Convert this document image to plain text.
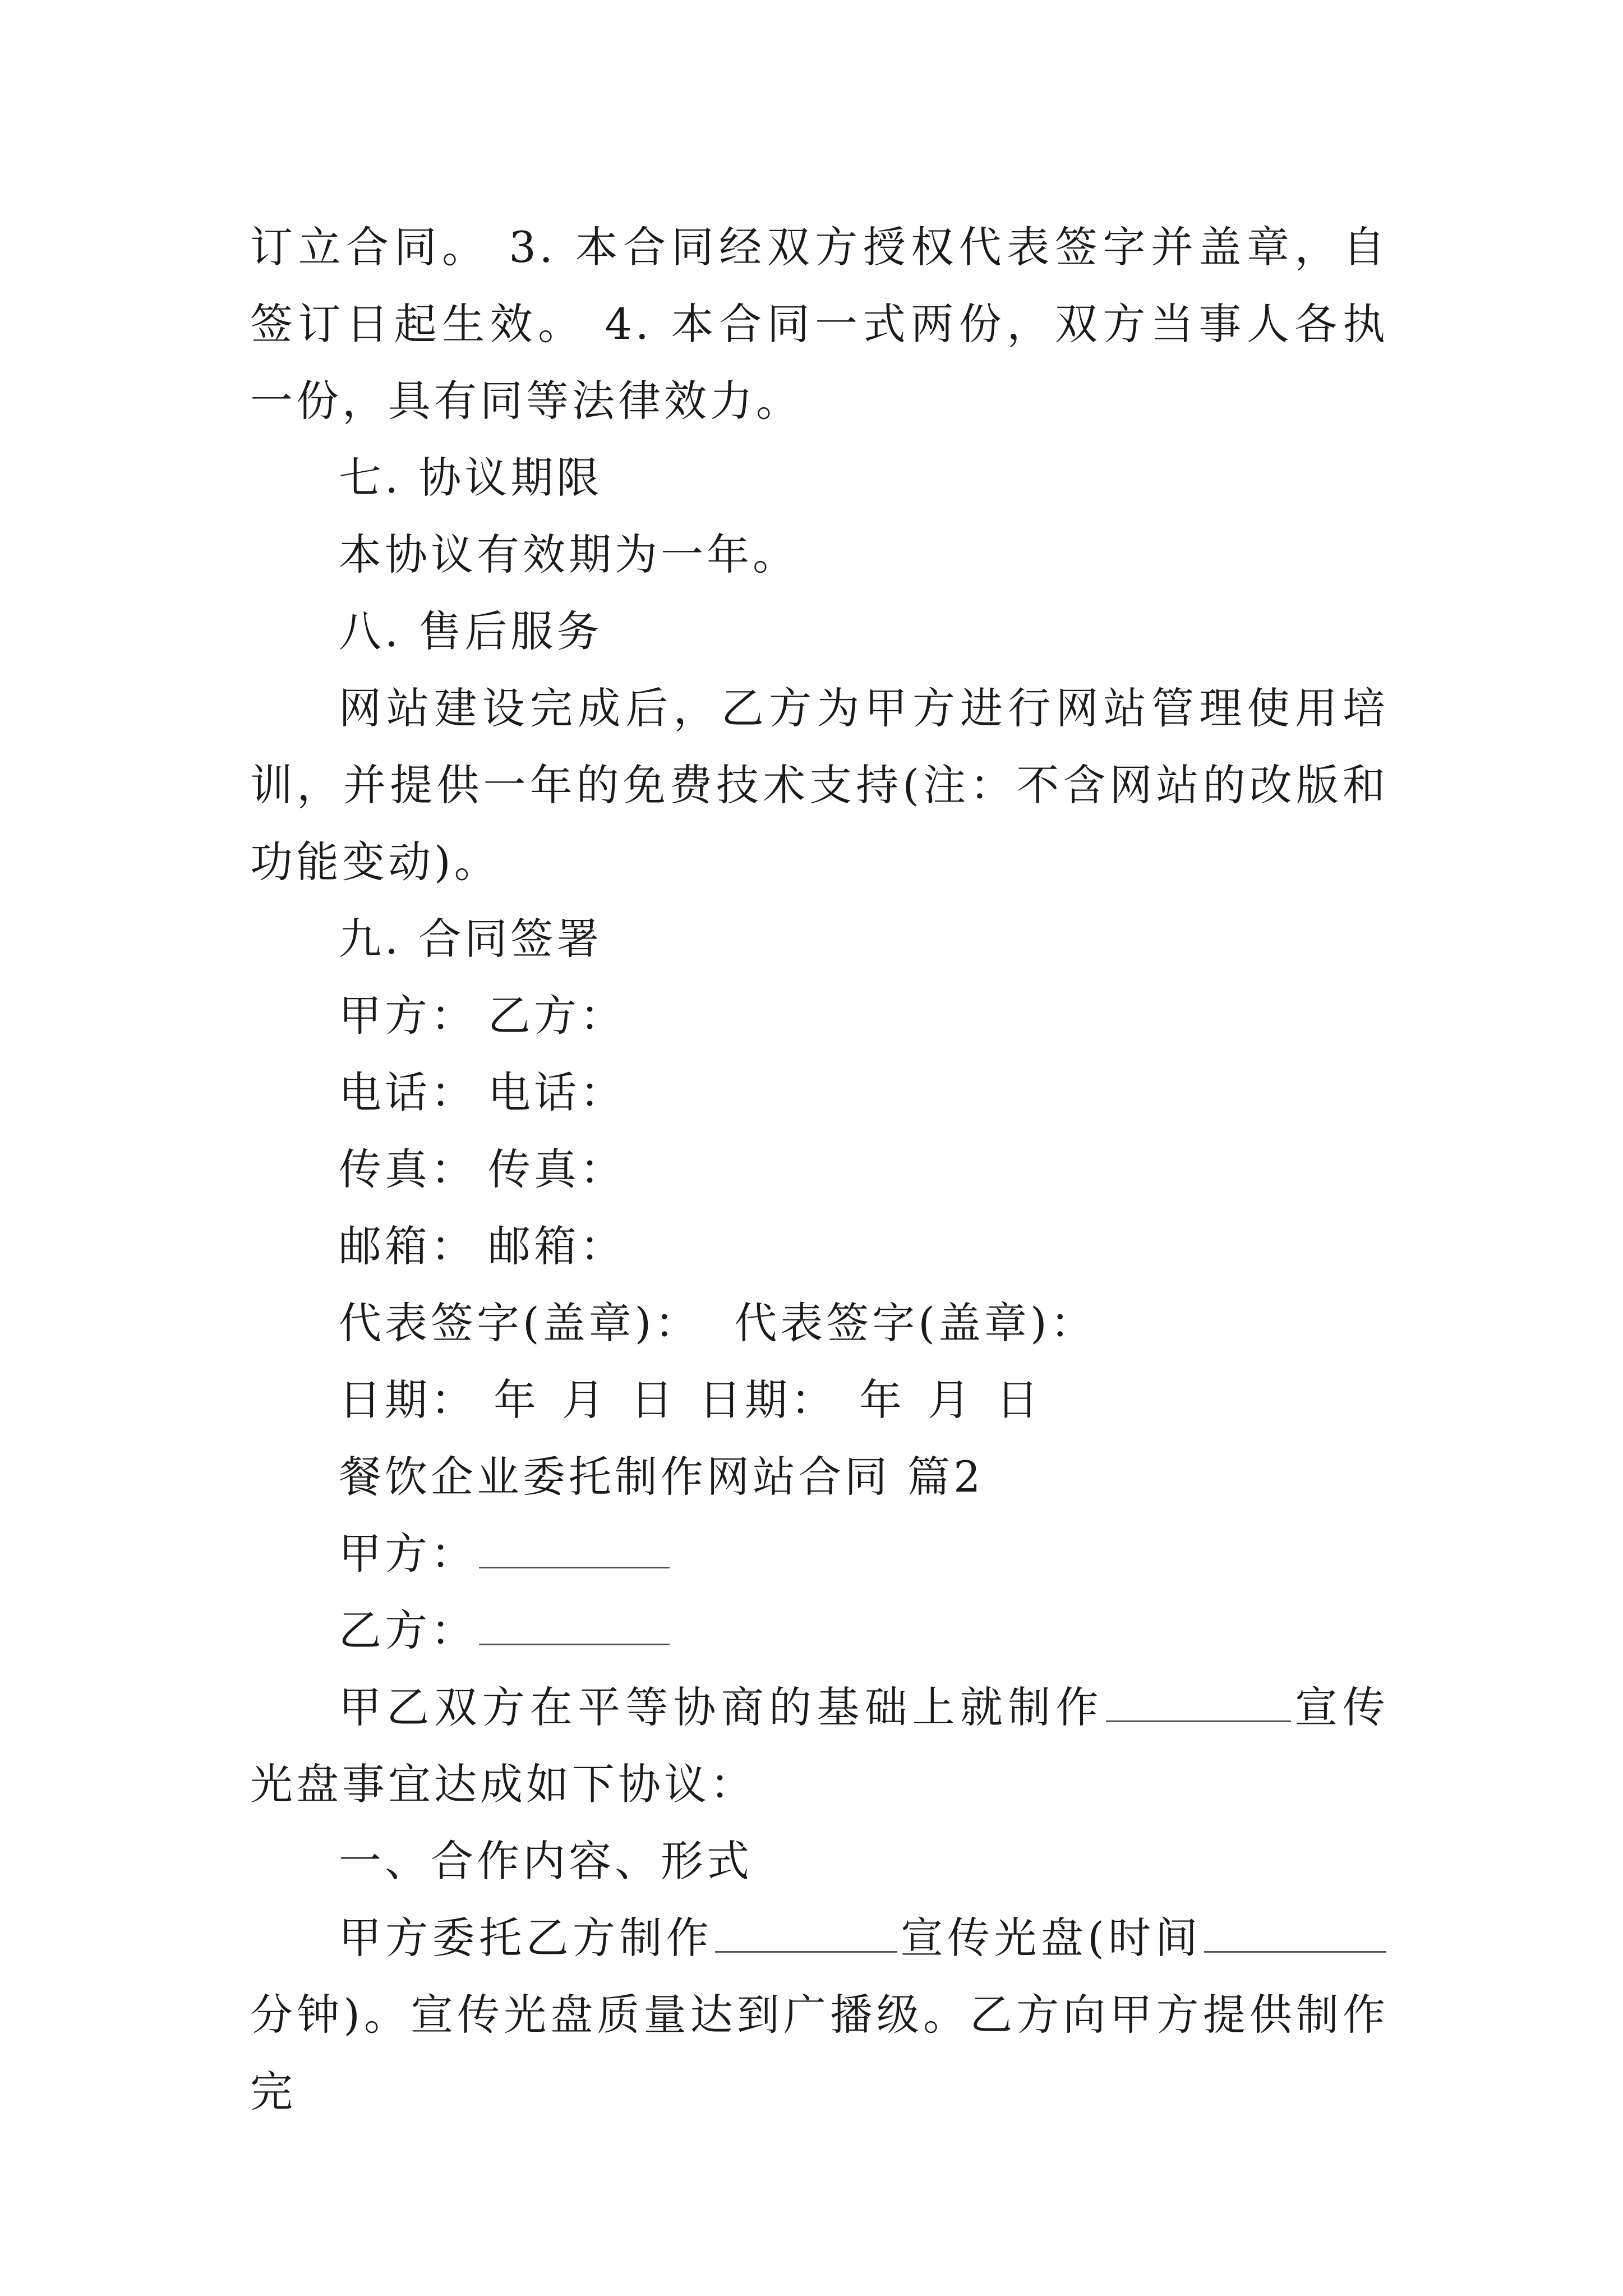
订立合同。 3. 本合同经双方授权代表签字并盖章，自签订日起生效。 4. 本合同一式两份，双方当事人各执一份，具有同等法律效力。

七. 协议期限

本协议有效期为一年。

八. 售后服务

网站建设完成后，乙方为甲方进行网站管理使用培训，并提供一年的免费技术支持(注：不含网站的改版和功能变动)。

九. 合同签署

甲方： 乙方：

电话： 电话：

传真： 传真：

邮箱： 邮箱：

代表签字(盖章)： 代表签字(盖章)：

日期： 年 月 日 日期： 年 月 日

餐饮企业委托制作网站合同 篇2

甲方：

乙方：

甲乙双方在平等协商的基础上就制作	宣传光盘事宜达成如下协议：

一、合作内容、形式

甲方委托乙方制作	宣传光盘(时间分钟)。宣传光盘质量达到广播级。乙方向甲方提供制作完
